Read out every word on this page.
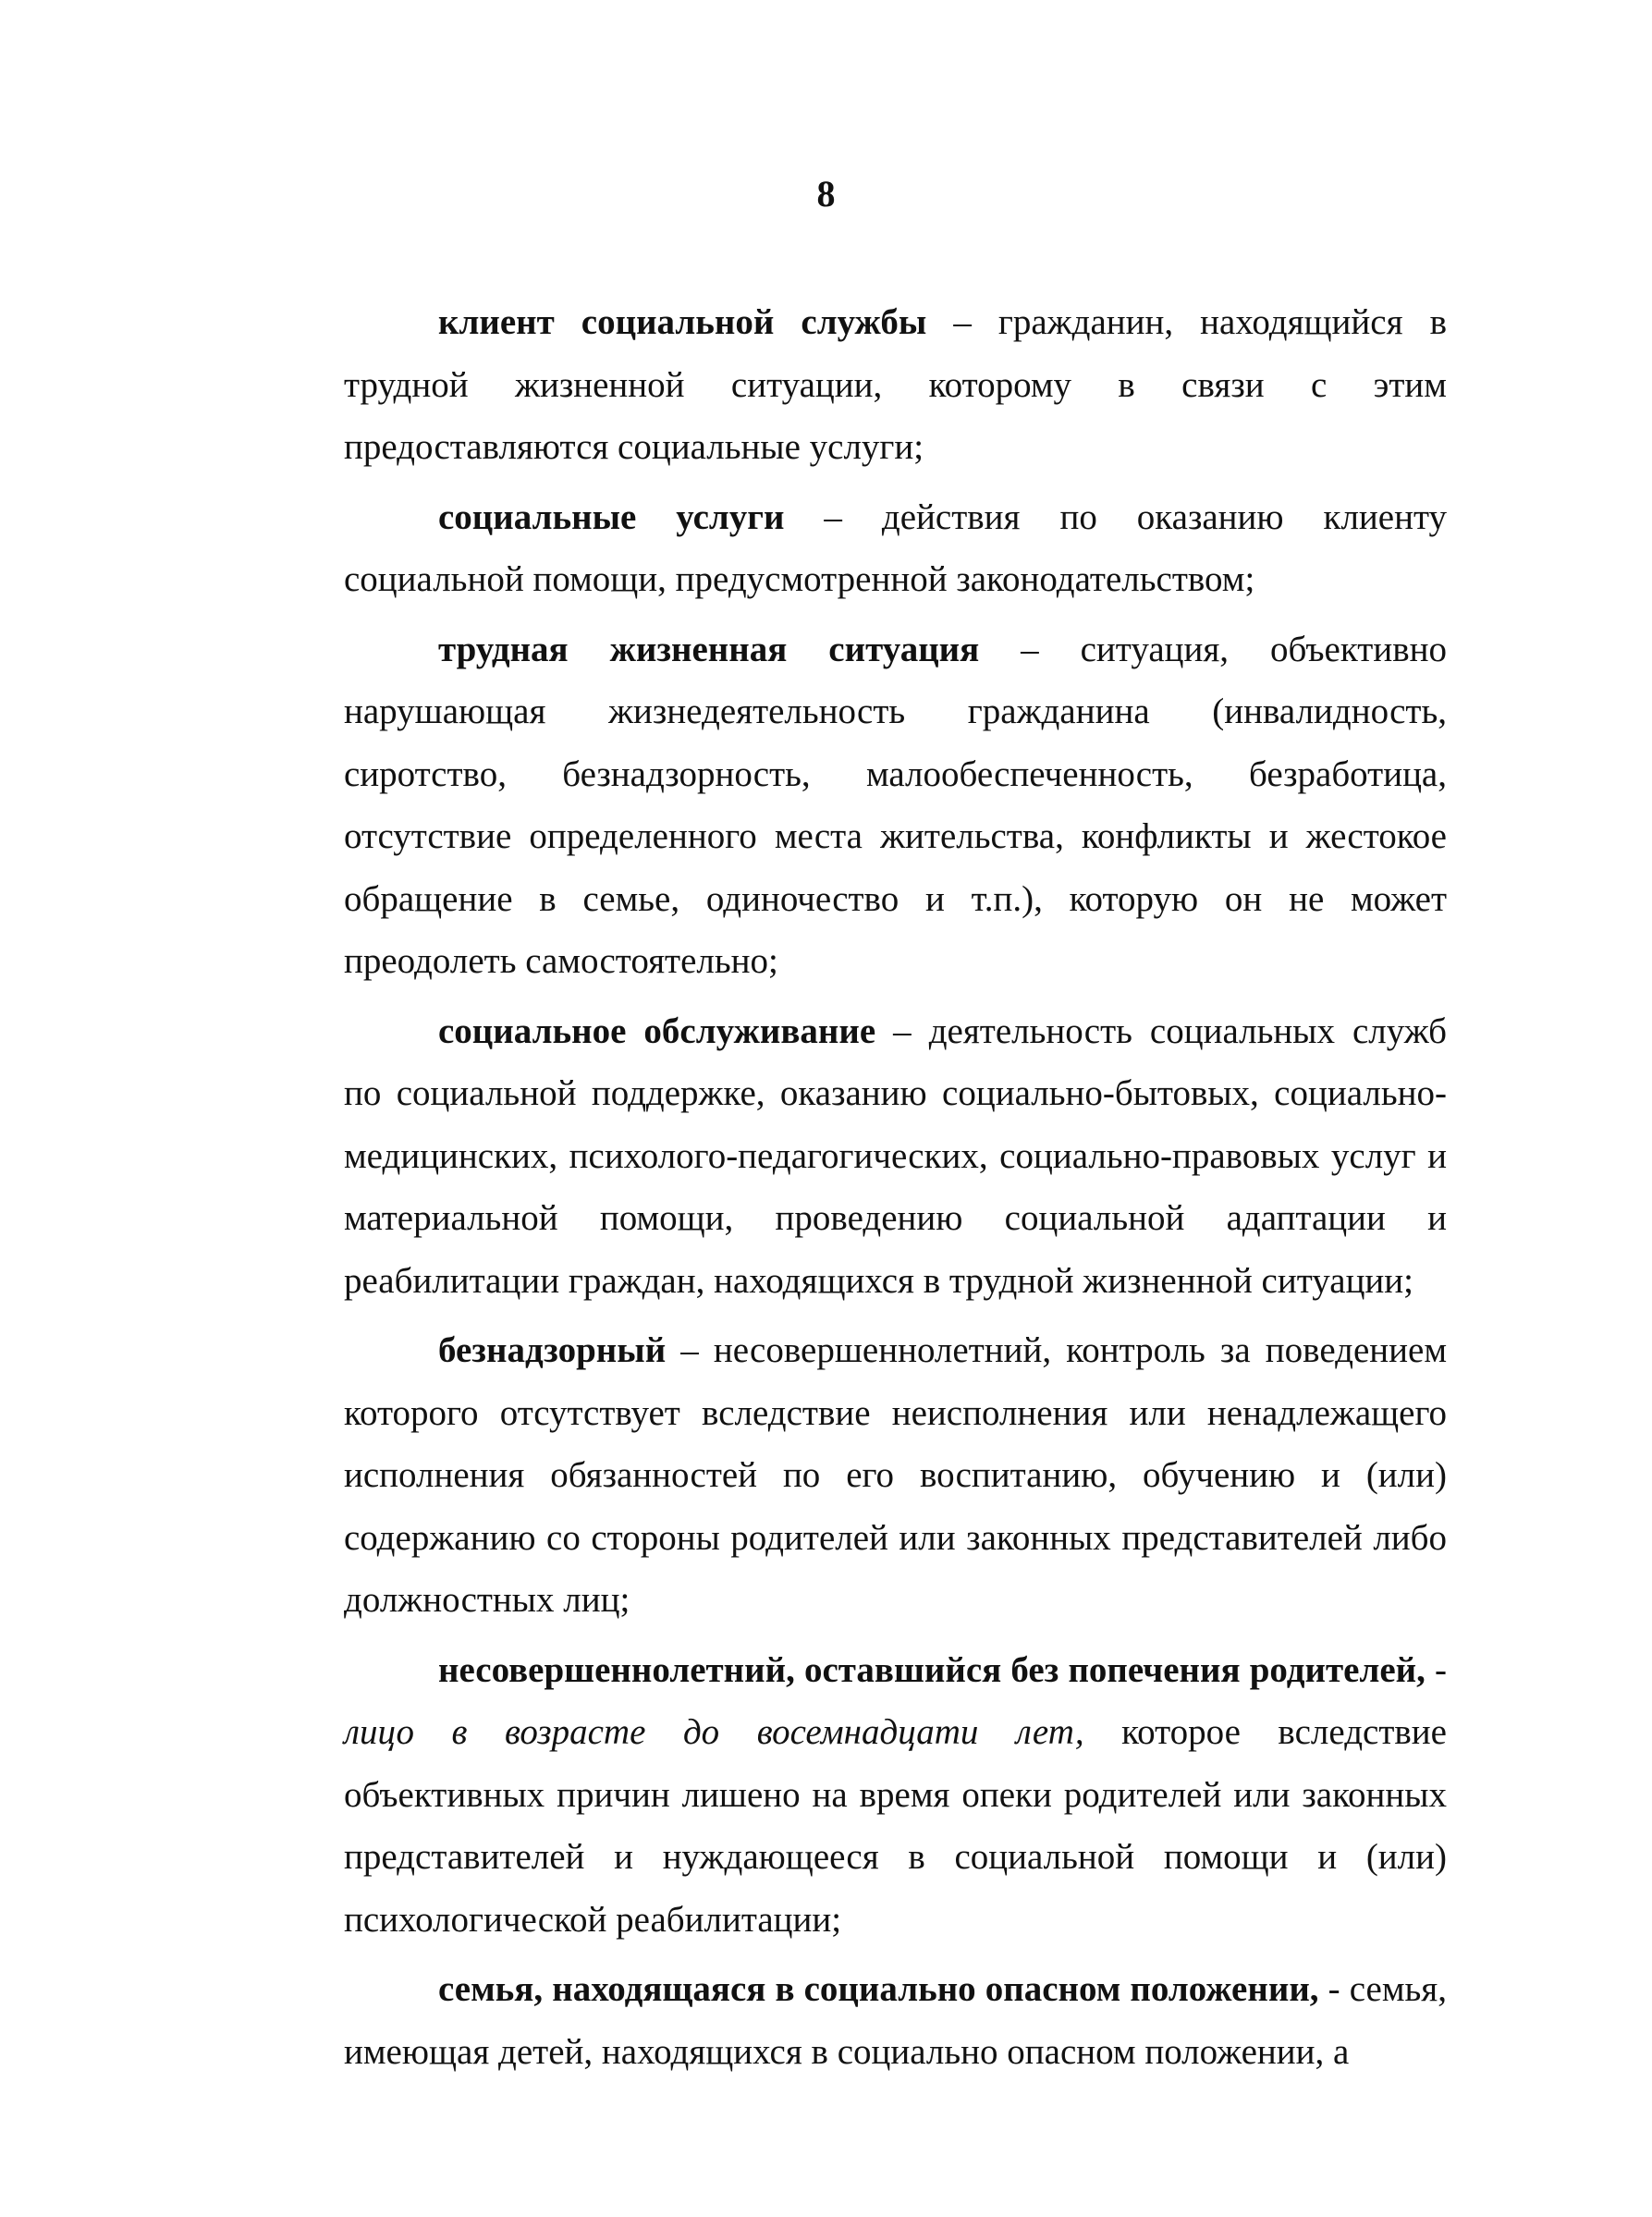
8

клиент социальной службы – гражданин, находящийся в трудной жизненной ситуации, которому в связи с этим предоставляются социальные услуги;

социальные услуги – действия по оказанию клиенту социальной помощи, предусмотренной законодательством;

трудная жизненная ситуация – ситуация, объективно нарушающая жизнедеятельность гражданина (инвалидность, сиротство, безнадзорность, малообеспеченность, безработица, отсутствие определенного места жительства, конфликты и жестокое обращение в семье, одиночество и т.п.), которую он не может преодолеть самостоятельно;

социальное обслуживание – деятельность социальных служб по социальной поддержке, оказанию социально-бытовых, социально-медицинских, психолого-педагогических, социально-правовых услуг и материальной помощи, проведению социальной адаптации и реабилитации граждан, находящихся в трудной жизненной ситуации;

безнадзорный – несовершеннолетний, контроль за поведением которого отсутствует вследствие неисполнения или ненадлежащего исполнения обязанностей по его воспитанию, обучению и (или) содержанию со стороны родителей или законных представителей либо должностных лиц;

несовершеннолетний, оставшийся без попечения родителей, - лицо в возрасте до восемнадцати лет, которое вследствие объективных причин лишено на время опеки родителей или законных представителей и нуждающееся в социальной помощи и (или) психологической реабилитации;

семья, находящаяся в социально опасном положении, - семья, имеющая детей, находящихся в социально опасном положении, а
